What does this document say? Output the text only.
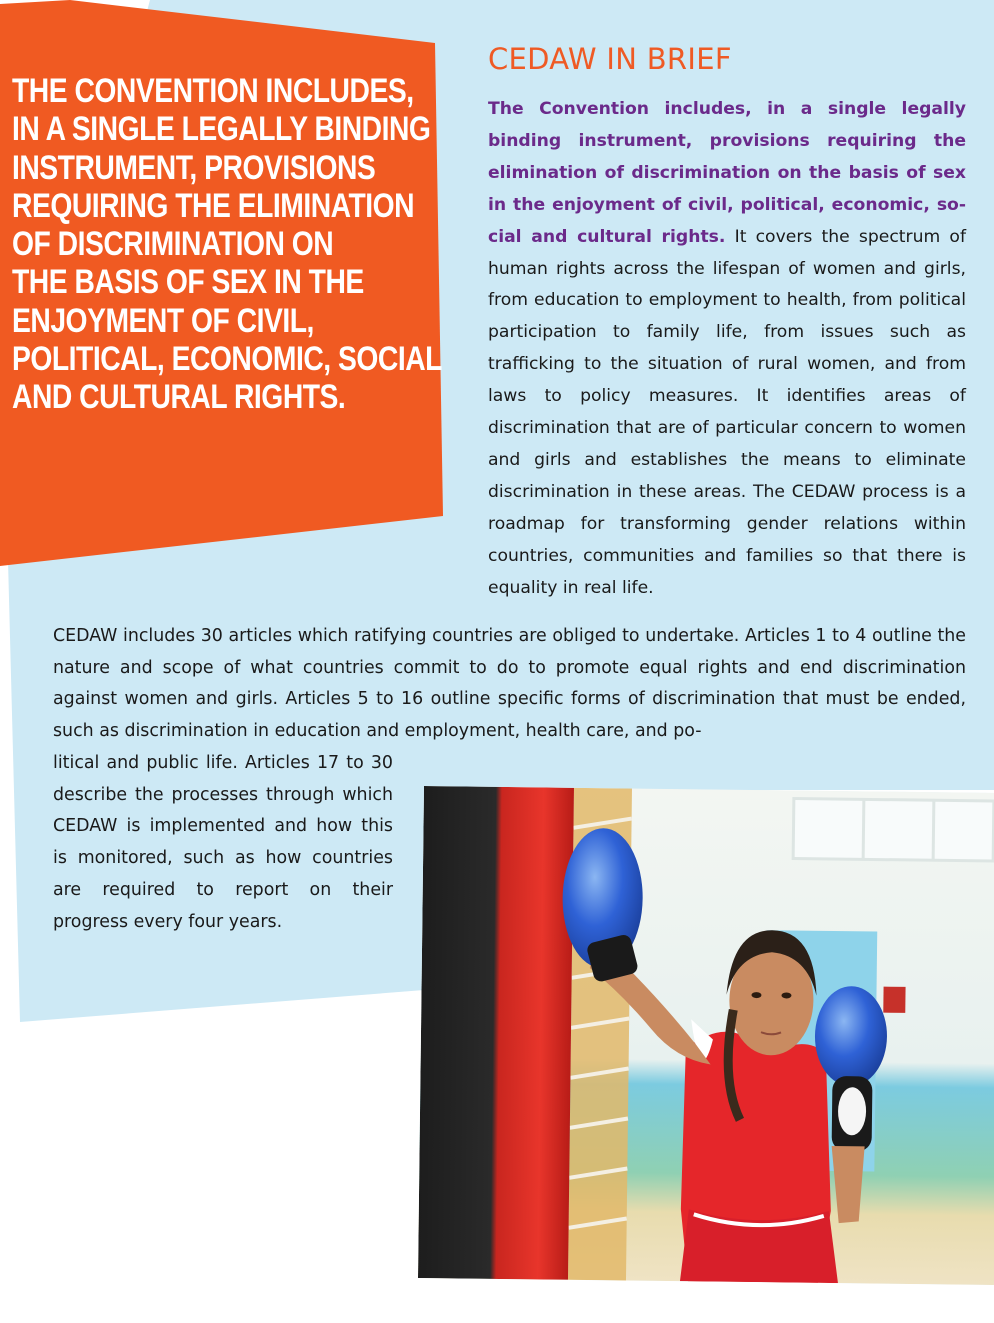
THE CONVENTION INCLUDES,
IN A SINGLE LEGALLY BINDING
INSTRUMENT, PROVISIONS
REQUIRING THE ELIMINATION
OF DISCRIMINATION ON
THE BASIS OF SEX IN THE
ENJOYMENT OF CIVIL,
POLITICAL, ECONOMIC, SOCIAL
AND CULTURAL RIGHTS.
CEDAW IN BRIEF
The Convention includes, in a single legally binding instrument, provisions requiring the elimination of discrimination on the basis of sex in the enjoyment of civil, political, economic, social and cultural rights. It covers the spectrum of human rights across the lifespan of women and girls, from education to employment to health, from political participation to family life, from issues such as trafficking to the situation of rural women, and from laws to policy measures. It identifies areas of discrimination that are of particular concern to women and girls and establishes the means to eliminate discrimination in these areas. The CEDAW process is a roadmap for transforming gender relations within countries, communities and families so that there is equality in real life.
CEDAW includes 30 articles which ratifying countries are obliged to undertake. Articles 1 to 4 outline the nature and scope of what countries commit to do to promote equal rights and end discrimination against women and girls. Articles 5 to 16 outline specific forms of discrimination that must be ended, such as discrimination in education and employment, health care, and po-
litical and public life. Articles 17 to 30 describe the processes through which CEDAW is implemented and how this is monitored, such as how countries are required to report on their progress every four years.
